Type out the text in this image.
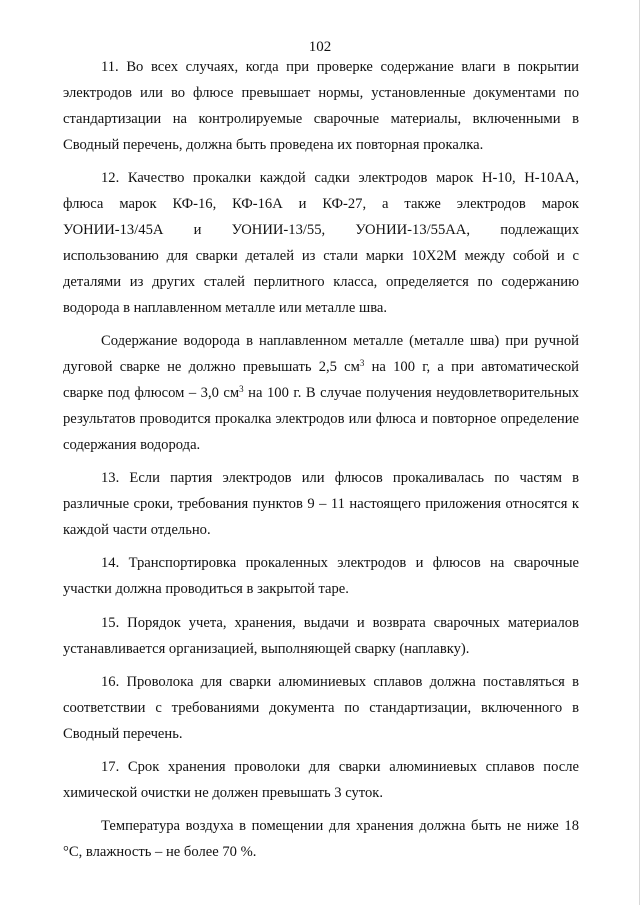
102

11. Во всех случаях, когда при проверке содержание влаги в покрытии электродов или во флюсе превышает нормы, установленные документами по стандартизации на контролируемые сварочные материалы, включенными в Сводный перечень, должна быть проведена их повторная прокалка.

12. Качество прокалки каждой садки электродов марок Н-10, Н-10АА,
флюса марок КФ-16, КФ-16А и КФ-27, а также электродов марок
УОНИИ-13/45А и УОНИИ-13/55, УОНИИ-13/55АА, подлежащих
использованию для сварки деталей из стали марки 10Х2М между собой и с деталями из других сталей перлитного класса, определяется по содержанию водорода в наплавленном металле или металле шва.

Содержание водорода в наплавленном металле (металле шва) при ручной дуговой сварке не должно превышать 2,5 $см^3$ на 100 г, а при автоматической сварке под флюсом – 3,0 $см^3$ на 100 г. В случае получения неудовлетворительных результатов проводится прокалка электродов или флюса и повторное определение содержания водорода.

13. Если партия электродов или флюсов прокаливалась по частям в различные сроки, требования пунктов 9 – 11 настоящего приложения относятся к каждой части отдельно.

14. Транспортировка прокаленных электродов и флюсов на сварочные участки должна проводиться в закрытой таре.

15. Порядок учета, хранения, выдачи и возврата сварочных материалов устанавливается организацией, выполняющей сварку (наплавку).

16. Проволока для сварки алюминиевых сплавов должна поставляться в соответствии с требованиями документа по стандартизации, включенного в Сводный перечень.

17. Срок хранения проволоки для сварки алюминиевых сплавов после химической очистки не должен превышать 3 суток.

Температура воздуха в помещении для хранения должна быть не ниже 18 °С, влажность – не более 70 %.
